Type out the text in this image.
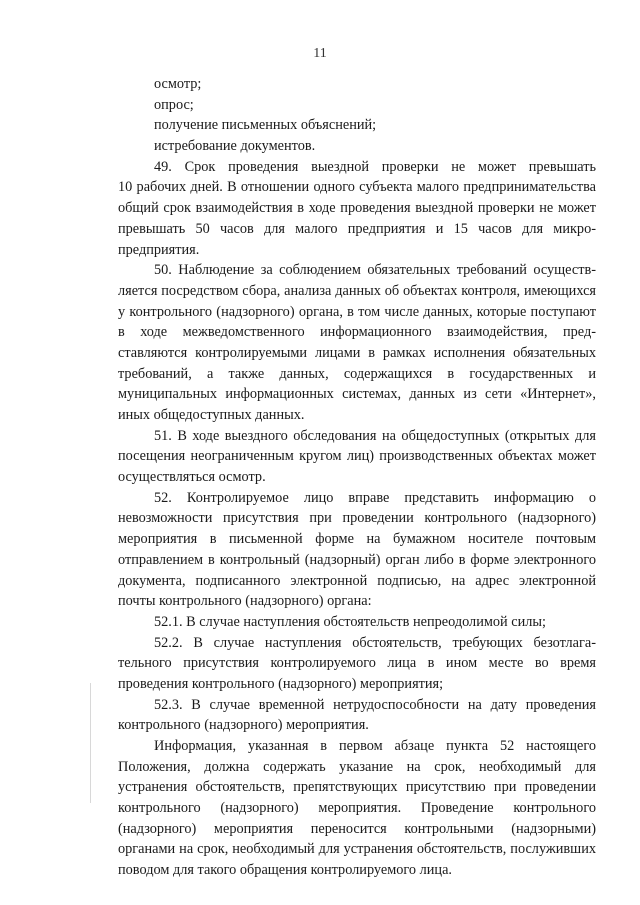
11
осмотр;
опрос;
получение письменных объяснений;
истребование документов.
49. Срок проведения выездной проверки не может превышать
10 рабочих дней. В отношении одного субъекта малого предпринимательства
общий срок взаимодействия в ходе проведения выездной проверки не может
превышать 50 часов для малого предприятия и 15 часов для микро-
предприятия.
50. Наблюдение за соблюдением обязательных требований осуществ-
ляется посредством сбора, анализа данных об объектах контроля, имеющихся
у контрольного (надзорного) органа, в том числе данных, которые поступают
в ходе межведомственного информационного взаимодействия, пред-
ставляются контролируемыми лицами в рамках исполнения обязательных
требований, а также данных, содержащихся в государственных и
муниципальных информационных системах, данных из сети «Интернет»,
иных общедоступных данных.
51. В ходе выездного обследования на общедоступных (открытых для
посещения неограниченным кругом лиц) производственных объектах может
осуществляться осмотр.
52. Контролируемое лицо вправе представить информацию о
невозможности присутствия при проведении контрольного (надзорного)
мероприятия в письменной форме на бумажном носителе почтовым
отправлением в контрольный (надзорный) орган либо в форме электронного
документа, подписанного электронной подписью, на адрес электронной
почты контрольного (надзорного) органа:
52.1. В случае наступления обстоятельств непреодолимой силы;
52.2. В случае наступления обстоятельств, требующих безотлага-
тельного присутствия контролируемого лица в ином месте во время
проведения контрольного (надзорного) мероприятия;
52.3. В случае временной нетрудоспособности на дату проведения
контрольного (надзорного) мероприятия.
Информация, указанная в первом абзаце пункта 52 настоящего
Положения, должна содержать указание на срок, необходимый для
устранения обстоятельств, препятствующих присутствию при проведении
контрольного (надзорного) мероприятия. Проведение контрольного
(надзорного) мероприятия переносится контрольными (надзорными)
органами на срок, необходимый для устранения обстоятельств, послуживших
поводом для такого обращения контролируемого лица.
